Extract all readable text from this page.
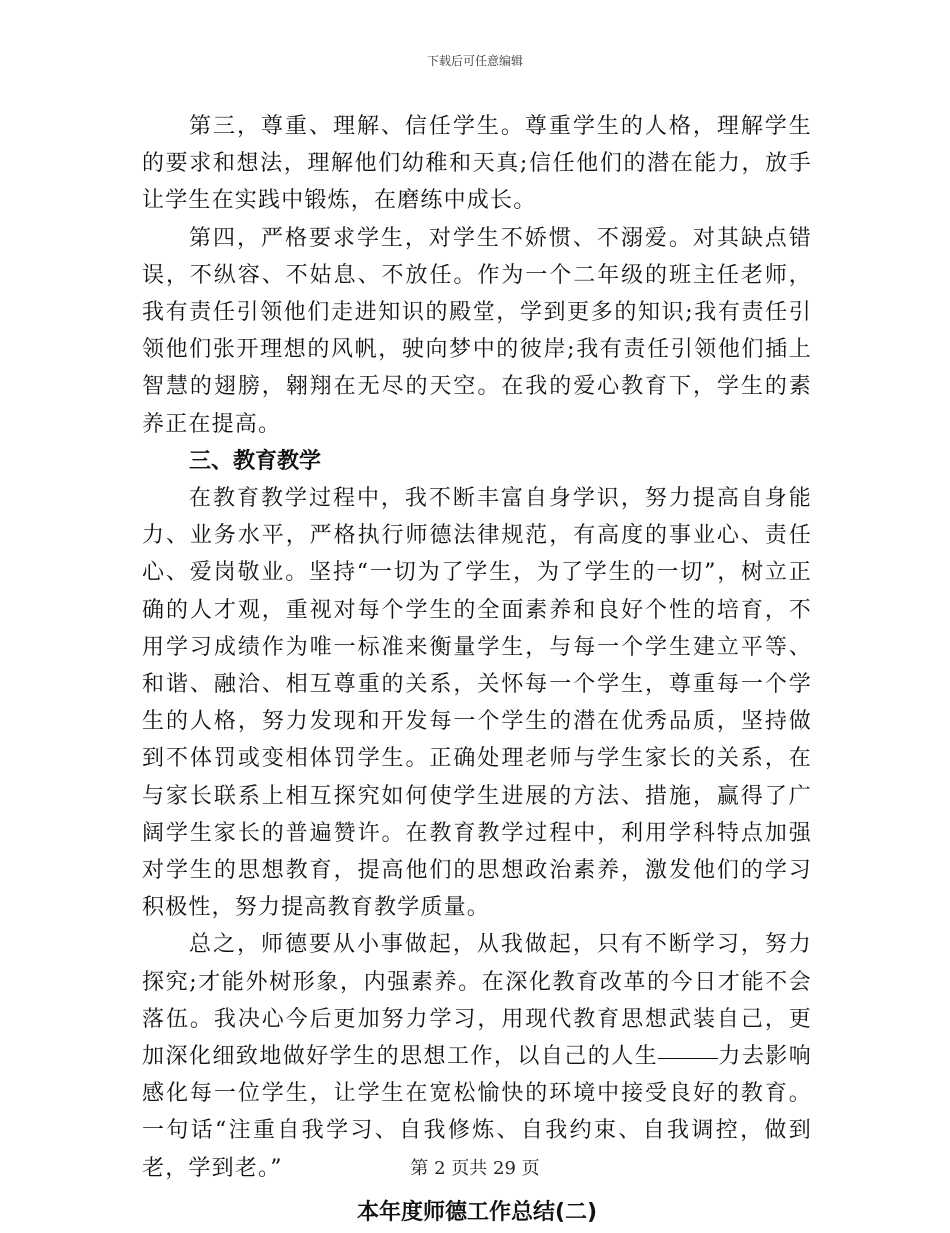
下载后可任意编辑

第三，尊重、理解、信任学生。尊重学生的人格，理解学生的要求和想法，理解他们幼稚和天真;信任他们的潜在能力，放手让学生在实践中锻炼，在磨练中成长。

第四，严格要求学生，对学生不娇惯、不溺爱。对其缺点错误，不纵容、不姑息、不放任。作为一个二年级的班主任老师，我有责任引领他们走进知识的殿堂，学到更多的知识;我有责任引领他们张开理想的风帆，驶向梦中的彼岸;我有责任引领他们插上智慧的翅膀，翱翔在无尽的天空。在我的爱心教育下，学生的素养正在提高。

三、教育教学

在教育教学过程中，我不断丰富自身学识，努力提高自身能力、业务水平，严格执行师德法律规范，有高度的事业心、责任心、爱岗敬业。坚持“一切为了学生，为了学生的一切”，树立正确的人才观，重视对每个学生的全面素养和良好个性的培育，不用学习成绩作为唯一标准来衡量学生，与每一个学生建立平等、和谐、融洽、相互尊重的关系，关怀每一个学生，尊重每一个学生的人格，努力发现和开发每一个学生的潜在优秀品质，坚持做到不体罚或变相体罚学生。正确处理老师与学生家长的关系，在与家长联系上相互探究如何使学生进展的方法、措施，赢得了广阔学生家长的普遍赞许。在教育教学过程中，利用学科特点加强对学生的思想教育，提高他们的思想政治素养，激发他们的学习积极性，努力提高教育教学质量。

总之，师德要从小事做起，从我做起，只有不断学习，努力探究;才能外树形象，内强素养。在深化教育改革的今日才能不会落伍。我决心今后更加努力学习，用现代教育思想武装自己，更加深化细致地做好学生的思想工作，以自己的人生	力去影响感化每一位学生，让学生在宽松愉快的环境中接受良好的教育。一句话“注重自我学习、自我修炼、自我约束、自我调控，做到老，学到老。”

本年度师德工作总结(二)

第 2 页共 29 页
